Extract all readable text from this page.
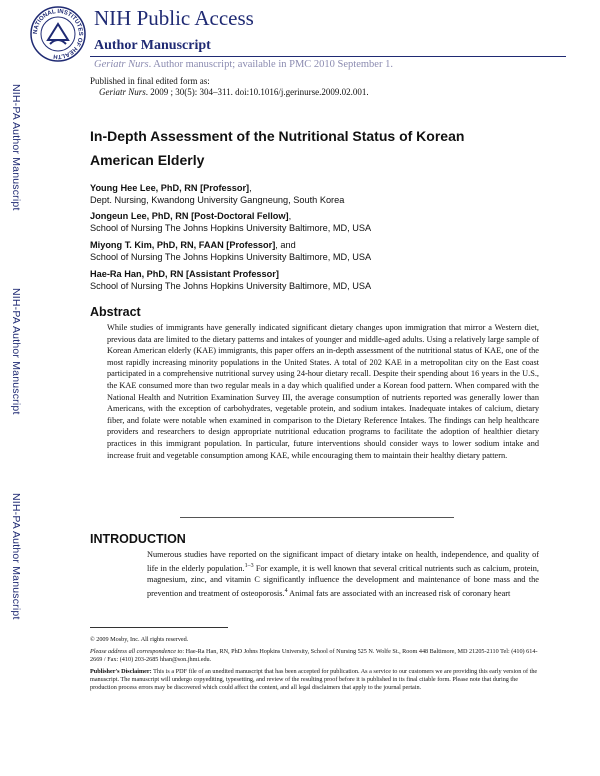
NATIONAL INSTITUTES OF HEALTH
NIH Public Access
Author Manuscript
Geriatr Nurs. Author manuscript; available in PMC 2010 September 1.
Published in final edited form as:
Geriatr Nurs. 2009 ; 30(5): 304–311. doi:10.1016/j.gerinurse.2009.02.001.
NIH-PA Author Manuscript
NIH-PA Author Manuscript
NIH-PA Author Manuscript
In-Depth Assessment of the Nutritional Status of Korean American Elderly
Young Hee Lee, PhD, RN [Professor],
Dept. Nursing, Kwandong University Gangneung, South Korea
Jongeun Lee, PhD, RN [Post-Doctoral Fellow],
School of Nursing The Johns Hopkins University Baltimore, MD, USA
Miyong T. Kim, PhD, RN, FAAN [Professor], and
School of Nursing The Johns Hopkins University Baltimore, MD, USA
Hae-Ra Han, PhD, RN [Assistant Professor]
School of Nursing The Johns Hopkins University Baltimore, MD, USA
Abstract

While studies of immigrants have generally indicated significant dietary changes upon immigration that mirror a Western diet, previous data are limited to the dietary patterns and intakes of younger and middle-aged adults. Using a relatively large sample of Korean American elderly (KAE) immigrants, this paper offers an in-depth assessment of the nutritional status of KAE, one of the most rapidly increasing minority populations in the United States. A total of 202 KAE in a metropolitan city on the East coast participated in a comprehensive nutritional survey using 24-hour dietary recall. Despite their spending about 16 years in the U.S., the KAE consumed more than two regular meals in a day which qualified under a Korean food pattern. When compared with the National Health and Nutrition Examination Survey III, the average consumption of nutrients reported was generally lower than Americans, with the exception of carbohydrates, vegetable protein, and sodium intakes. Inadequate intakes of calcium, dietary fiber, and folate were notable when examined in comparison to the Dietary Reference Intakes. The findings can help healthcare providers and researchers to design appropriate nutritional education programs to facilitate the adoption of healthier dietary practices in this immigrant population. In particular, future interventions should consider ways to lower sodium intake and increase fruit and vegetable consumption among KAE, while encouraging them to maintain their healthy dietary pattern.

INTRODUCTION

Numerous studies have reported on the significant impact of dietary intake on health, independence, and quality of life in the elderly population.$^{1-3}$ For example, it is well known that several critical nutrients such as calcium, protein, magnesium, zinc, and vitamin C significantly influence the development and maintenance of bone mass and the prevention and treatment of osteoporosis.$^4$ Animal fats are associated with an increased risk of coronary heart

© 2009 Mosby, Inc. All rights reserved.

Please address all correspondence to: Hae-Ra Han, RN, PhD Johns Hopkins University, School of Nursing 525 N. Wolfe St., Room 448 Baltimore, MD 21205-2110 Tel: (410) 614-2669 / Fax: (410) 203-2685 hhan@son.jhmi.edu.

Publisher's Disclaimer: This is a PDF file of an unedited manuscript that has been accepted for publication. As a service to our customers we are providing this early version of the manuscript. The manuscript will undergo copyediting, typesetting, and review of the resulting proof before it is published in its final citable form. Please note that during the production process errors may be discovered which could affect the content, and all legal disclaimers that apply to the journal pertain.
